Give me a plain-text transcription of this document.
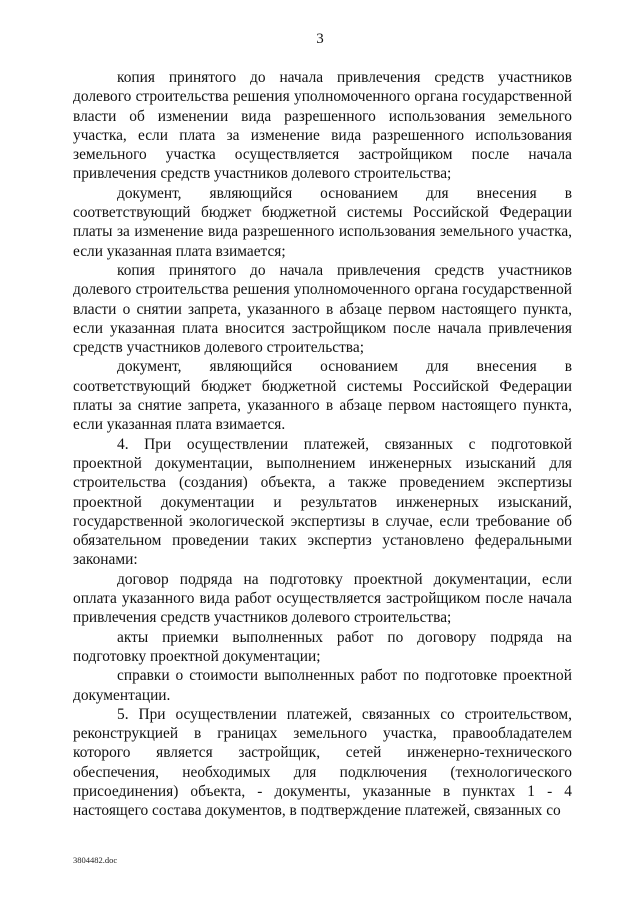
3

копия принятого до начала привлечения средств участников долевого строительства решения уполномоченного органа государственной власти об изменении вида разрешенного использования земельного участка, если плата за изменение вида разрешенного использования земельного участка осуществляется застройщиком после начала привлечения средств участников долевого строительства;

документ, являющийся основанием для внесения в соответствующий бюджет бюджетной системы Российской Федерации платы за изменение вида разрешенного использования земельного участка, если указанная плата взимается;

копия принятого до начала привлечения средств участников долевого строительства решения уполномоченного органа государственной власти о снятии запрета, указанного в абзаце первом настоящего пункта, если указанная плата вносится застройщиком после начала привлечения средств участников долевого строительства;

документ, являющийся основанием для внесения в соответствующий бюджет бюджетной системы Российской Федерации платы за снятие запрета, указанного в абзаце первом настоящего пункта, если указанная плата взимается.

4. При осуществлении платежей, связанных с подготовкой проектной документации, выполнением инженерных изысканий для строительства (создания) объекта, а также проведением экспертизы проектной документации и результатов инженерных изысканий, государственной экологической экспертизы в случае, если требование об обязательном проведении таких экспертиз установлено федеральными законами:

договор подряда на подготовку проектной документации, если оплата указанного вида работ осуществляется застройщиком после начала привлечения средств участников долевого строительства;

акты приемки выполненных работ по договору подряда на подготовку проектной документации;

справки о стоимости выполненных работ по подготовке проектной документации.

5. При осуществлении платежей, связанных со строительством, реконструкцией в границах земельного участка, правообладателем которого является застройщик, сетей инженерно-технического обеспечения, необходимых для подключения (технологического присоединения) объекта, - документы, указанные в пунктах 1 - 4 настоящего состава документов, в подтверждение платежей, связанных со

3804482.doc
